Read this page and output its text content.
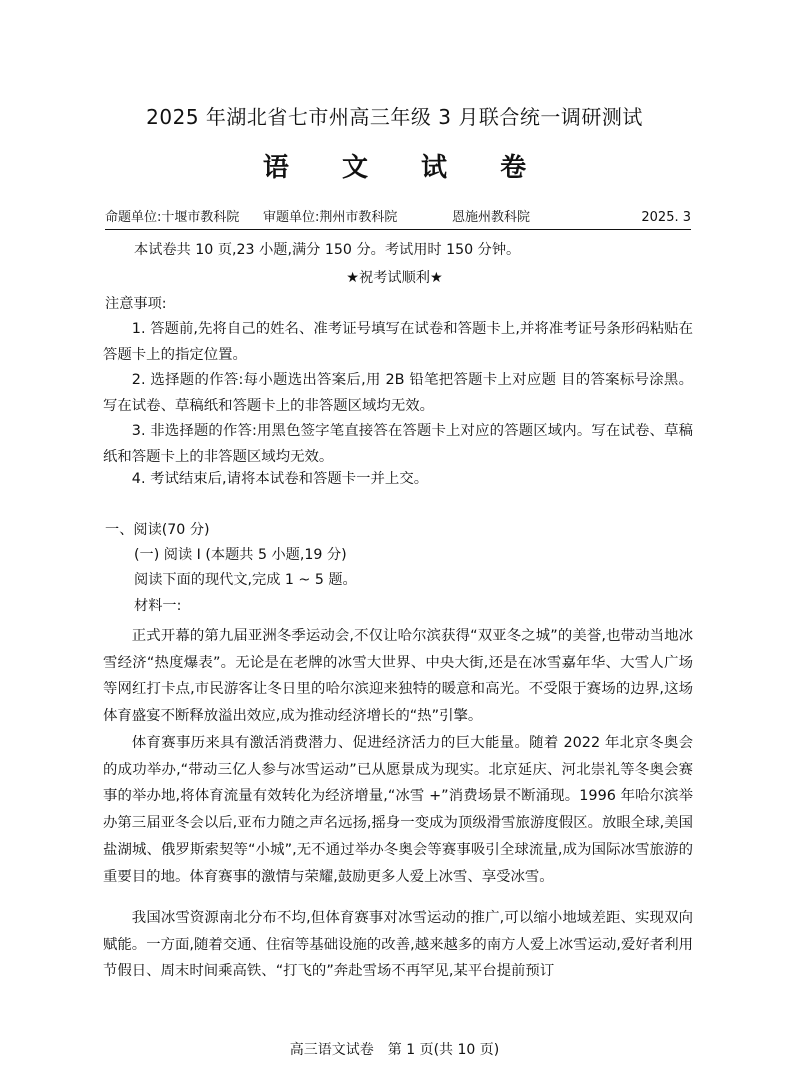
2025 年湖北省七市州高三年级 3 月联合统一调研测试
语 文 试 卷
命题单位:十堰市教科院 审题单位:荆州市教科院	恩施州教科院	2025. 3
本试卷共 10 页,23 小题,满分 150 分。考试用时 150 分钟。
★祝考试顺利★
注意事项:
1. 答题前,先将自己的姓名、准考证号填写在试卷和答题卡上,并将准考证号条形码粘贴在答题卡上的指定位置。
2. 选择题的作答:每小题选出答案后,用 2B 铅笔把答题卡上对应题 目的答案标号涂黑。写在试卷、草稿纸和答题卡上的非答题区域均无效。
3. 非选择题的作答:用黑色签字笔直接答在答题卡上对应的答题区域内。写在试卷、草稿纸和答题卡上的非答题区域均无效。
4. 考试结束后,请将本试卷和答题卡一并上交。
一、阅读(70 分)
(一) 阅读 Ⅰ (本题共 5 小题,19 分)
阅读下面的现代文,完成 1 ~ 5 题。
材料一:
正式开幕的第九届亚洲冬季运动会,不仅让哈尔滨获得“双亚冬之城”的美誉,也带动当地冰雪经济“热度爆表”。无论是在老牌的冰雪大世界、中央大街,还是在冰雪嘉年华、大雪人广场等网红打卡点,市民游客让冬日里的哈尔滨迎来独特的暖意和高光。不受限于赛场的边界,这场体育盛宴不断释放溢出效应,成为推动经济增长的“热”引擎。
体育赛事历来具有激活消费潜力、促进经济活力的巨大能量。随着 2022 年北京冬奥会的成功举办,“带动三亿人参与冰雪运动”已从愿景成为现实。北京延庆、河北崇礼等冬奥会赛事的举办地,将体育流量有效转化为经济增量,“冰雪 +”消费场景不断涌现。1996 年哈尔滨举办第三届亚冬会以后,亚布力随之声名远扬,摇身一变成为顶级滑雪旅游度假区。放眼全球,美国盐湖城、俄罗斯索契等“小城”,无不通过举办冬奥会等赛事吸引全球流量,成为国际冰雪旅游的重要目的地。体育赛事的激情与荣耀,鼓励更多人爱上冰雪、享受冰雪。
我国冰雪资源南北分布不均,但体育赛事对冰雪运动的推广,可以缩小地域差距、实现双向赋能。一方面,随着交通、住宿等基础设施的改善,越来越多的南方人爱上冰雪运动,爱好者利用节假日、周末时间乘高铁、“打飞的”奔赴雪场不再罕见,某平台提前预订
高三语文试卷　第 1 页(共 10 页)
